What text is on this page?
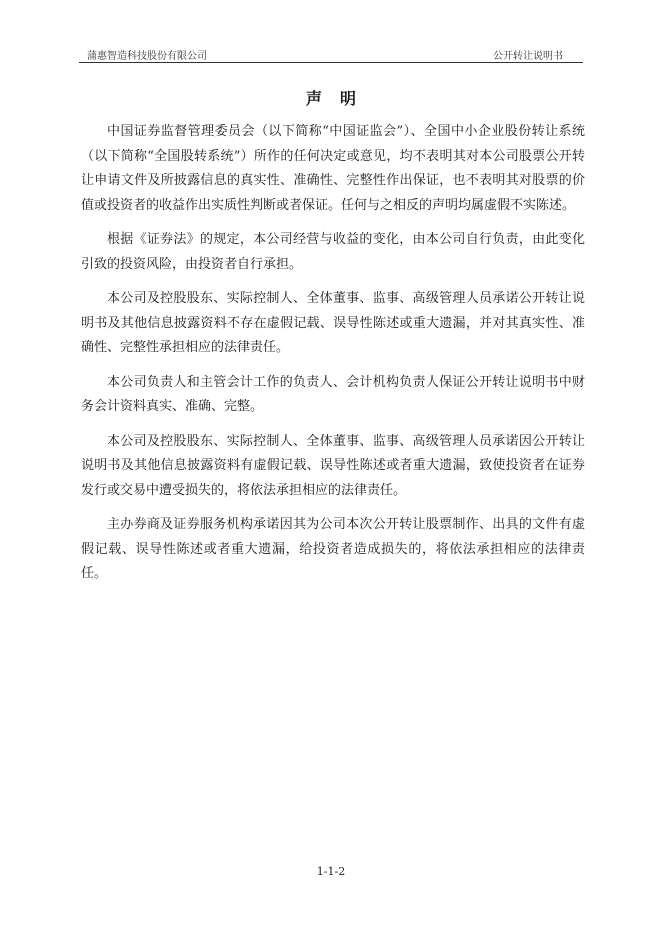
蒲惠智造科技股份有限公司	公开转让说明书
声明

中国证券监督管理委员会（以下简称“中国证监会”）、全国中小企业股份转让系统（以下简称“全国股转系统”）所作的任何决定或意见，均不表明其对本公司股票公开转让申请文件及所披露信息的真实性、准确性、完整性作出保证，也不表明其对股票的价值或投资者的收益作出实质性判断或者保证。任何与之相反的声明均属虚假不实陈述。

根据《证券法》的规定，本公司经营与收益的变化，由本公司自行负责，由此变化引致的投资风险，由投资者自行承担。

本公司及控股股东、实际控制人、全体董事、监事、高级管理人员承诺公开转让说明书及其他信息披露资料不存在虚假记载、误导性陈述或重大遗漏，并对其真实性、准确性、完整性承担相应的法律责任。

本公司负责人和主管会计工作的负责人、会计机构负责人保证公开转让说明书中财务会计资料真实、准确、完整。

本公司及控股股东、实际控制人、全体董事、监事、高级管理人员承诺因公开转让说明书及其他信息披露资料有虚假记载、误导性陈述或者重大遗漏，致使投资者在证券发行或交易中遭受损失的，将依法承担相应的法律责任。

主办券商及证券服务机构承诺因其为公司本次公开转让股票制作、出具的文件有虚假记载、误导性陈述或者重大遗漏，给投资者造成损失的，将依法承担相应的法律责任。

1-1-2
